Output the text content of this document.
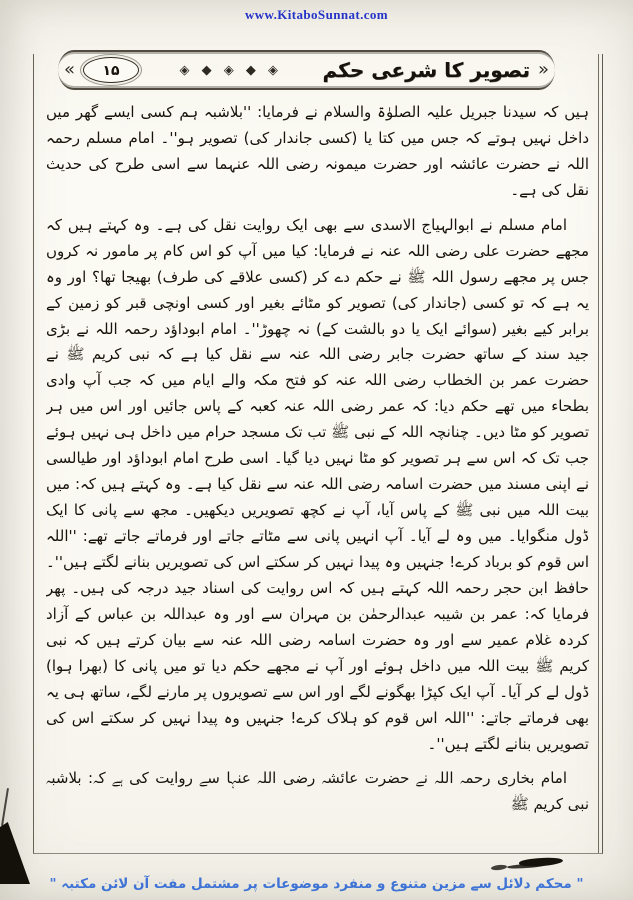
www.KitaboSunnat.com
«
تصویر کا شرعی حکم
◈ ◆ ◈ ◆ ◈
۱۵
»

ہیں کہ سیدنا جبریل علیہ الصلوٰۃ والسلام نے فرمایا: ''بلاشبہ ہم کسی ایسے گھر میں داخل نہیں ہوتے کہ جس میں کتا یا (کسی جاندار کی) تصویر ہو''۔ امام مسلم رحمہ اللہ نے حضرت عائشہ اور حضرت میمونہ رضی اللہ عنہما سے اسی طرح کی حدیث نقل کی ہے۔

امام مسلم نے ابوالہیاج الاسدی سے بھی ایک روایت نقل کی ہے۔ وہ کہتے ہیں کہ مجھے حضرت علی رضی اللہ عنہ نے فرمایا: کیا میں آپ کو اس کام پر مامور نہ کروں جس پر مجھے رسول اللہ ﷺ نے حکم دے کر (کسی علاقے کی طرف) بھیجا تھا؟ اور وہ یہ ہے کہ تو کسی (جاندار کی) تصویر کو مٹائے بغیر اور کسی اونچی قبر کو زمین کے برابر کیے بغیر (سوائے ایک یا دو بالشت کے) نہ چھوڑ''۔ امام ابوداؤد رحمہ اللہ نے بڑی جید سند کے ساتھ حضرت جابر رضی اللہ عنہ سے نقل کیا ہے کہ نبی کریم ﷺ نے حضرت عمر بن الخطاب رضی اللہ عنہ کو فتح مکہ والے ایام میں کہ جب آپ وادی بطحاء میں تھے حکم دیا: کہ عمر رضی اللہ عنہ کعبہ کے پاس جائیں اور اس میں ہر تصویر کو مٹا دیں۔ چنانچہ اللہ کے نبی ﷺ تب تک مسجد حرام میں داخل ہی نہیں ہوئے جب تک کہ اس سے ہر تصویر کو مٹا نہیں دیا گیا۔ اسی طرح امام ابوداؤد اور طیالسی نے اپنی مسند میں حضرت اسامہ رضی اللہ عنہ سے نقل کیا ہے۔ وہ کہتے ہیں کہ: میں بیت اللہ میں نبی ﷺ کے پاس آیا، آپ نے کچھ تصویریں دیکھیں۔ مجھ سے پانی کا ایک ڈول منگوایا۔ میں وہ لے آیا۔ آپ انہیں پانی سے مٹاتے جاتے اور فرماتے جاتے تھے: ''اللہ اس قوم کو برباد کرے! جنہیں وہ پیدا نہیں کر سکتے اس کی تصویریں بنانے لگتے ہیں''۔ حافظ ابن حجر رحمہ اللہ کہتے ہیں کہ اس روایت کی اسناد جید درجہ کی ہیں۔ پھر فرمایا کہ: عمر بن شیبہ عبدالرحمٰن بن مہران سے اور وہ عبداللہ بن عباس کے آزاد کردہ غلام عمیر سے اور وہ حضرت اسامہ رضی اللہ عنہ سے بیان کرتے ہیں کہ نبی کریم ﷺ بیت اللہ میں داخل ہوئے اور آپ نے مجھے حکم دیا تو میں پانی کا (بھرا ہوا) ڈول لے کر آیا۔ آپ ایک کپڑا بھگونے لگے اور اس سے تصویروں پر مارنے لگے، ساتھ ہی یہ بھی فرماتے جاتے: ''اللہ اس قوم کو ہلاک کرے! جنہیں وہ پیدا نہیں کر سکتے اس کی تصویریں بنانے لگتے ہیں''۔

امام بخاری رحمہ اللہ نے حضرت عائشہ رضی اللہ عنہا سے روایت کی ہے کہ: بلاشبہ نبی کریم ﷺ

" محکم دلائل سے مزین متنوع و منفرد موضوعات پر مشتمل مفت آن لائن مکتبہ "
